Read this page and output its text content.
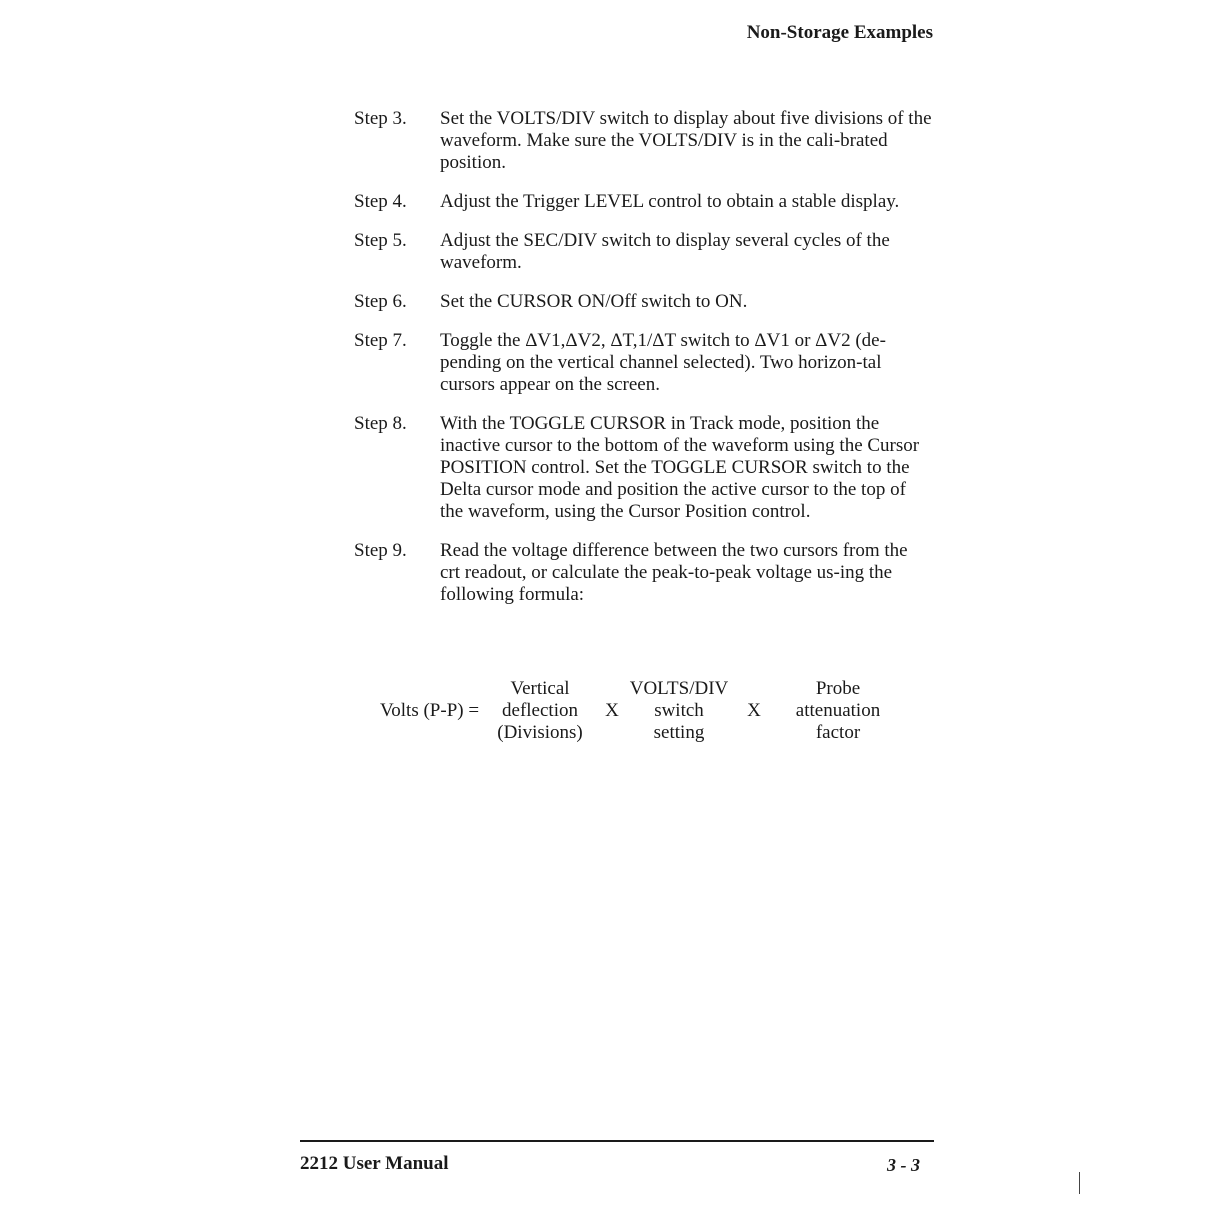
Non-Storage Examples
Step 3.	Set the VOLTS/DIV switch to display about five divisions of the waveform. Make sure the VOLTS/DIV is in the cali-brated position.
Step 4.	Adjust the Trigger LEVEL control to obtain a stable display.
Step 5.	Adjust the SEC/DIV switch to display several cycles of the waveform.
Step 6.	Set the CURSOR ON/Off switch to ON.
Step 7.	Toggle the ΔV1,ΔV2, ΔT,1/ΔT switch to ΔV1 or ΔV2 (de-pending on the vertical channel selected). Two horizon-tal cursors appear on the screen.
Step 8.	With the TOGGLE CURSOR in Track mode, position the inactive cursor to the bottom of the waveform using the Cursor POSITION control. Set the TOGGLE CURSOR switch to the Delta cursor mode and position the active cursor to the top of the waveform, using the Cursor Position control.
Step 9.	Read the voltage difference between the two cursors from the crt readout, or calculate the peak-to-peak voltage us-ing the following formula:
Vertical	VOLTS/DIV	Probe
Volts (P-P) =	deflection	X	switch	X	attenuation
(Divisions)	setting	factor
2212 User Manual	3 - 3
